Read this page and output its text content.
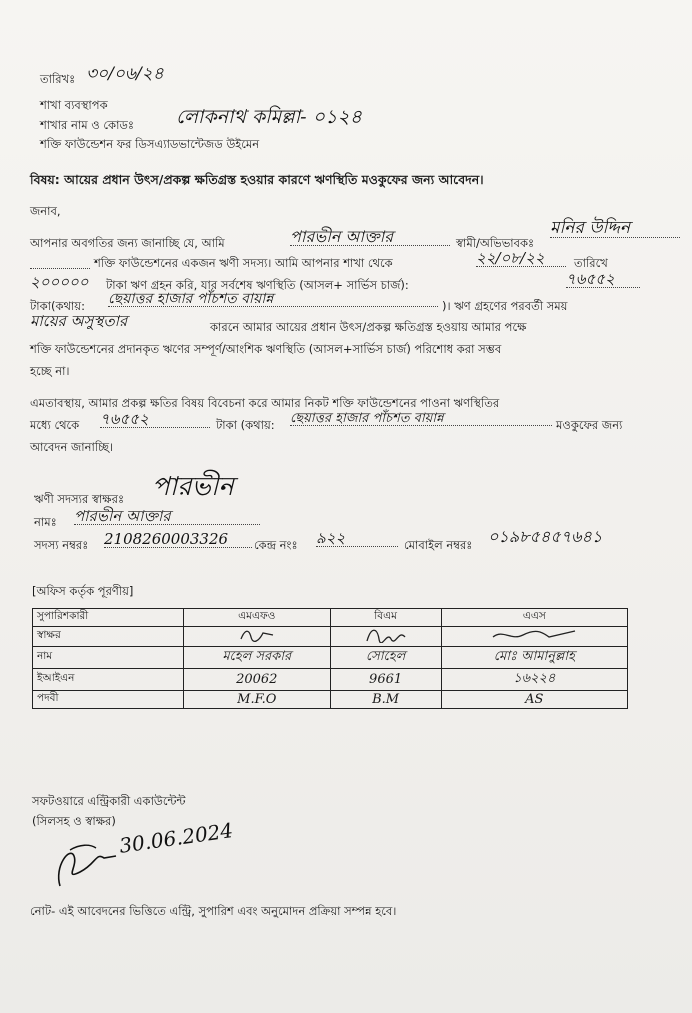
তারিখঃ ৩০/০৬/২৪
শাখা ব্যবস্থাপক
শাখার নাম ও কোডঃ লোকনাথ কমিল্লা- ০১২৪
শক্তি ফাউন্ডেশন ফর ডিসএ্যাডভান্টেজড উইমেন
বিষয়: আয়ের প্রধান উৎস/প্রকল্প ক্ষতিগ্রস্ত হওয়ার কারণে ঋণস্থিতি মওকুফের জন্য আবেদন।
জনাব,
আপনার অবগতির জন্য জানাচ্ছি যে, আমি	পারভীন আক্তার	স্বামী/অভিভাবকঃ
মনির উদ্দিন
শক্তি ফাউন্ডেশনের একজন ঋণী সদস্য। আমি আপনার শাখা থেকে	২২/০৮/২২	তারিখে
২০০০০০ টাকা ঋণ গ্রহন করি, যার সর্বশেষ ঋণস্থিতি (আসল+ সার্ভিস চার্জ):	৭৬৫৫২
টাকা(কথায়: ছেয়াত্তর হাজার পাঁচশত বায়ান্ন	)। ঋণ গ্রহণের পরবর্তী সময়
মায়ের অসুস্থতার	কারনে আমার আয়ের প্রধান উৎস/প্রকল্প ক্ষতিগ্রস্ত হওয়ায় আমার পক্ষে
শক্তি ফাউন্ডেশনের প্রদানকৃত ঋণের সম্পূর্ণ/আংশিক ঋণস্থিতি (আসল+সার্ভিস চার্জ) পরিশোধ করা সম্ভব
হচ্ছে না।
এমতাবস্থায়, আমার প্রকল্প ক্ষতির বিষয় বিবেচনা করে আমার নিকট শক্তি ফাউন্ডেশনের পাওনা ঋণস্থিতির
মধ্যে থেকে ৭৬৫৫২	টাকা (কথায়: ছেয়াত্তর হাজার পাঁচশত বায়ান্ন	মওকুফের জন্য
আবেদন জানাচ্ছি।
ঋণী সদস্যর স্বাক্ষরঃ পারভীন
নামঃ পারভীন আক্তার
সদস্য নম্বরঃ 2108260003326	কেন্দ্র নংঃ ৯২২	মোবাইল নম্বরঃ ০১৯৮৫৪৫৭৬৪১
[অফিস কর্তৃক পূরণীয়]
সুপারিশকারী	এমএফও	বিএম	এএস
স্বাক্ষর			
নাম	মহেল সরকার	সোহেল	মোঃ আমানুল্লাহ

ইআইএন	20062	9661	১৬২২৪

পদবী	M.F.O	B.M	AS
সফটওয়ারে এন্ট্রিকারী একাউন্টেন্ট
(সিলসহ ও স্বাক্ষর) 30.06.2024
নোট- এই আবেদনের ভিত্তিতে এন্ট্রি, সুপারিশ এবং অনুমোদন প্রক্রিয়া সম্পন্ন হবে।
